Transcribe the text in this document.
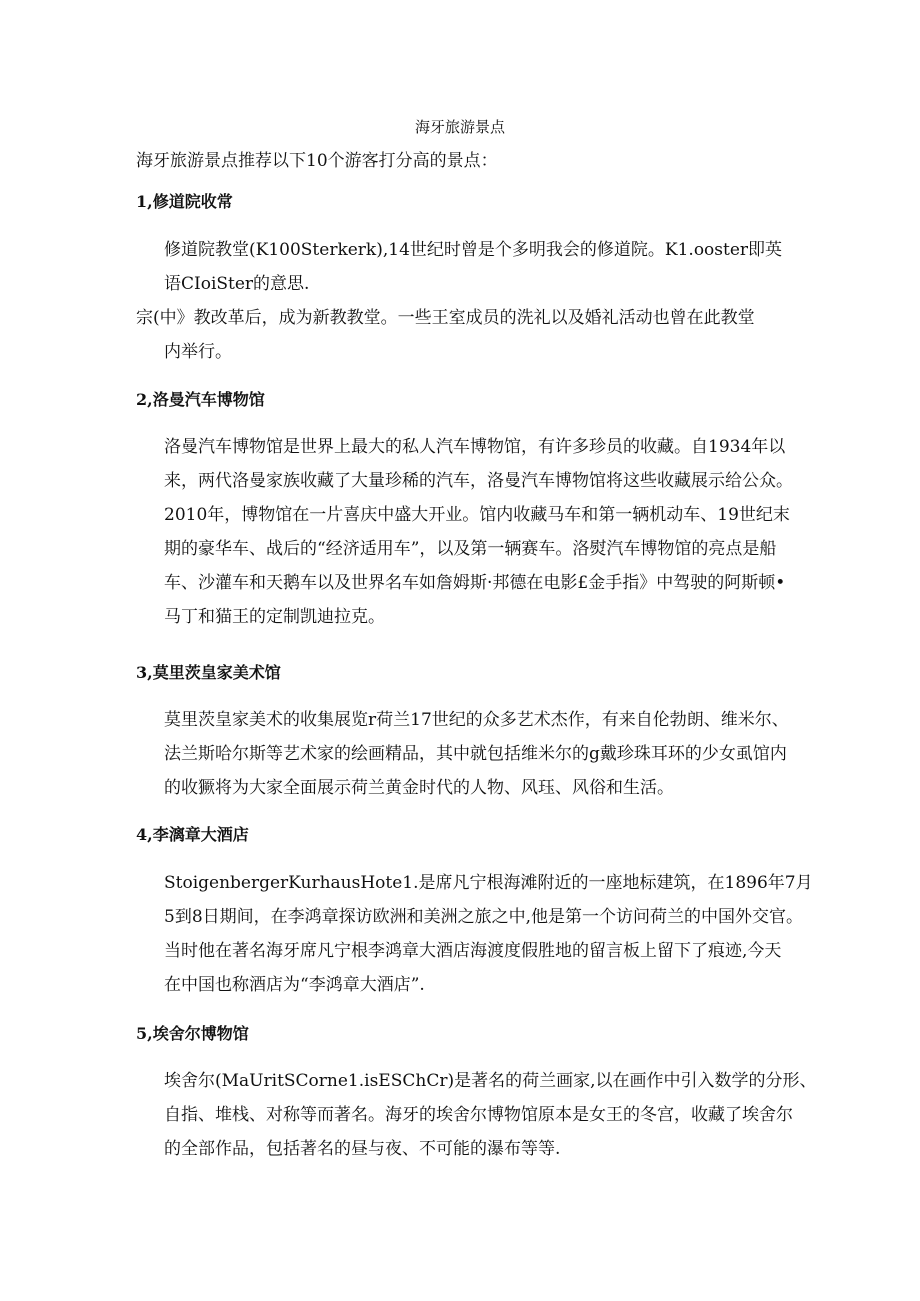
海牙旅游景点
海牙旅游景点推荐以下10个游客打分高的景点：
1,修道院收常
修道院教堂(K100Sterkerk),14世纪时曾是个多明我会的修道院。K1.ooster即英
语CIoiSter的意思.
宗(中》教改革后，成为新教教堂。一些王室成员的洗礼以及婚礼活动也曾在此教堂
内举行。
2,洛曼汽车博物馆
洛曼汽车博物馆是世界上最大的私人汽车博物馆，有许多珍员的收藏。自1934年以
来，两代洛曼家族收藏了大量珍稀的汽车，洛曼汽车博物馆将这些收藏展示给公众。
2010年，博物馆在一片喜庆中盛大开业。馆内收藏马车和第一辆机动车、19世纪末
期的豪华车、战后的“经济适用车”，以及第一辆赛车。洛熨汽车博物馆的亮点是船
车、沙灌车和天鹅车以及世界名车如詹姆斯·邦德在电影£金手指》中驾驶的阿斯顿•
马丁和猫王的定制凯迪拉克。
3,莫里茨皇家美术馆
莫里茨皇家美术的收集展览r荷兰17世纪的众多艺术杰作，有来自伦勃朗、维米尔、
法兰斯哈尔斯等艺术家的绘画精品，其中就包括维米尔的g戴珍珠耳环的少女虱馆内
的收獗将为大家全面展示荷兰黄金时代的人物、风珏、风俗和生活。
4,李漓章大酒店
StoigenbergerKurhausHote1.是席凡宁根海滩附近的一座地标建筑，在1896年7月
5到8日期间，在李鸿章探访欧洲和美洲之旅之中,他是第一个访问荷兰的中国外交官。
当时他在著名海牙席凡宁根李鸿章大酒店海渡度假胜地的留言板上留下了痕迹,今天
在中国也称酒店为“李鸿章大酒店”.
5,埃舍尔博物馆
埃舍尔(MaUritSCorne1.isESChCr)是著名的荷兰画家,以在画作中引入数学的分形、
自指、堆栈、对称等而著名。海牙的埃舍尔博物馆原本是女王的冬宫，收藏了埃舍尔
的全部作品，包括著名的昼与夜、不可能的瀑布等等.
